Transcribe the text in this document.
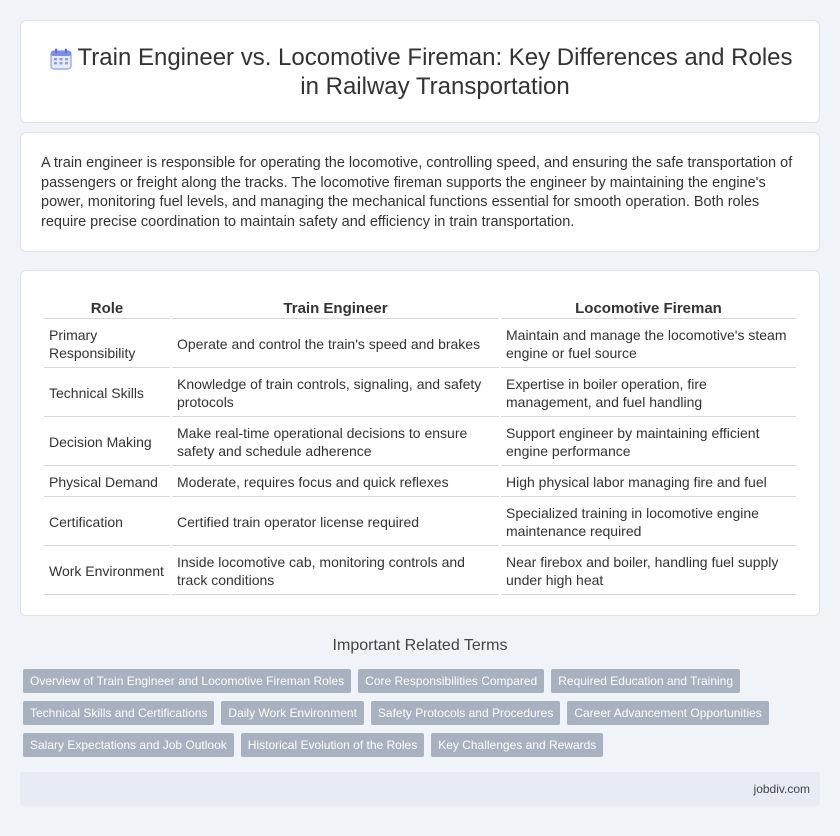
Train Engineer vs. Locomotive Fireman: Key Differences and Roles in Railway Transportation

A train engineer is responsible for operating the locomotive, controlling speed, and ensuring the safe transportation of passengers or freight along the tracks. The locomotive fireman supports the engineer by maintaining the engine's power, monitoring fuel levels, and managing the mechanical functions essential for smooth operation. Both roles require precise coordination to maintain safety and efficiency in train transportation.

Role	Train Engineer	Locomotive Fireman
Primary Responsibility	Operate and control the train's speed and brakes	Maintain and manage the locomotive's steam engine or fuel source
Technical Skills	Knowledge of train controls, signaling, and safety protocols	Expertise in boiler operation, fire management, and fuel handling
Decision Making	Make real-time operational decisions to ensure safety and schedule adherence	Support engineer by maintaining efficient engine performance
Physical Demand	Moderate, requires focus and quick reflexes	High physical labor managing fire and fuel
Certification	Certified train operator license required	Specialized training in locomotive engine maintenance required
Work Environment	Inside locomotive cab, monitoring controls and track conditions	Near firebox and boiler, handling fuel supply under high heat
Important Related Terms
Overview of Train Engineer and Locomotive Fireman Roles	Core Responsibilities Compared	Required Education and Training
Technical Skills and Certifications	Daily Work Environment	Safety Protocols and Procedures	Career Advancement Opportunities
Salary Expectations and Job Outlook	Historical Evolution of the Roles	Key Challenges and Rewards
jobdiv.com
